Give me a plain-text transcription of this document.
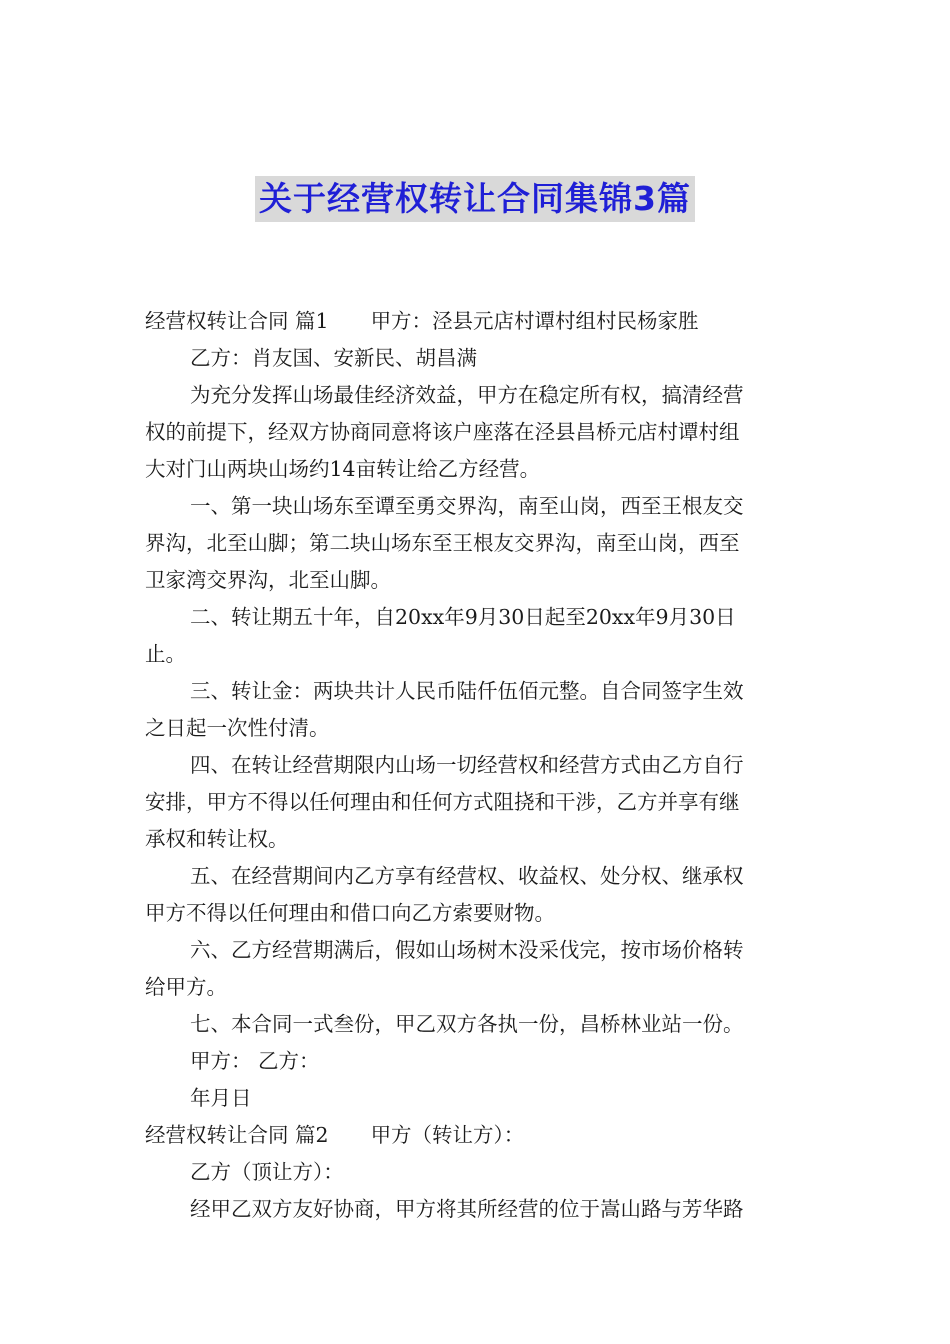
关于经营权转让合同集锦3篇

经营权转让合同 篇1 甲方：泾县元店村谭村组村民杨家胜

乙方：肖友国、安新民、胡昌满

为充分发挥山场最佳经济效益，甲方在稳定所有权，搞清经营

权的前提下，经双方协商同意将该户座落在泾县昌桥元店村谭村组

大对门山两块山场约14亩转让给乙方经营。

一、第一块山场东至谭至勇交界沟，南至山岗，西至王根友交

界沟，北至山脚；第二块山场东至王根友交界沟，南至山岗，西至

卫家湾交界沟，北至山脚。

二、转让期五十年，自20xx年9月30日起至20xx年9月30日

止。

三、转让金：两块共计人民币陆仟伍佰元整。自合同签字生效

之日起一次性付清。

四、在转让经营期限内山场一切经营权和经营方式由乙方自行

安排，甲方不得以任何理由和任何方式阻挠和干涉，乙方并享有继

承权和转让权。

五、在经营期间内乙方享有经营权、收益权、处分权、继承权

甲方不得以任何理由和借口向乙方索要财物。

六、乙方经营期满后，假如山场树木没采伐完，按市场价格转

给甲方。

七、本合同一式叁份，甲乙双方各执一份，昌桥林业站一份。

甲方： 乙方：

年月日

经营权转让合同 篇2 甲方（转让方）：

乙方（顶让方）：

经甲乙双方友好协商，甲方将其所经营的位于嵩山路与芳华路
